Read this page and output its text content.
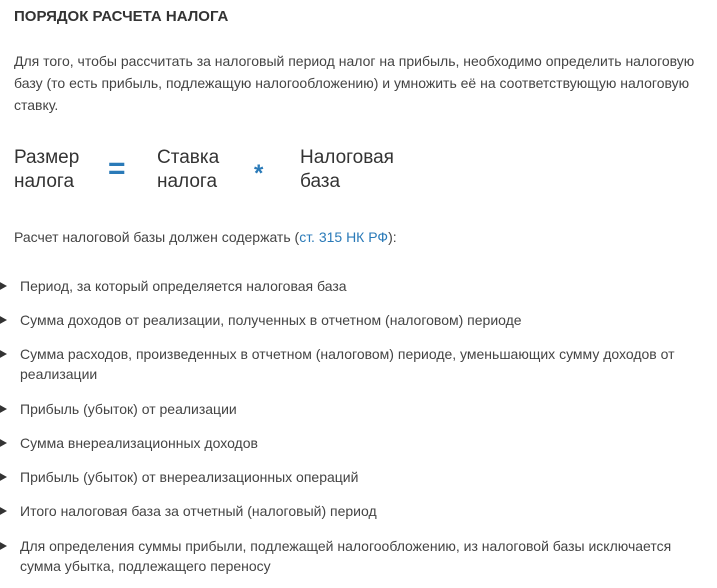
ПОРЯДОК РАСЧЕТА НАЛОГА
Для того, чтобы рассчитать за налоговый период налог на прибыль, необходимо определить налоговую базу (то есть прибыль, подлежащую налогообложению) и умножить её на соответствующую налоговую ставку.
Размер
налога = Ставка
налога *
Налоговая
база
Расчет налоговой базы должен содержать (ст. 315 НК РФ):
Период, за который определяется налоговая база
Сумма доходов от реализации, полученных в отчетном (налоговом) периоде
Сумма расходов, произведенных в отчетном (налоговом) периоде, уменьшающих сумму доходов от реализации
Прибыль (убыток) от реализации
Сумма внереализационных доходов
Прибыль (убыток) от внереализационных операций
Итого налоговая база за отчетный (налоговый) период
Для определения суммы прибыли, подлежащей налогообложению, из налоговой базы исключается сумма убытка, подлежащего переносу
